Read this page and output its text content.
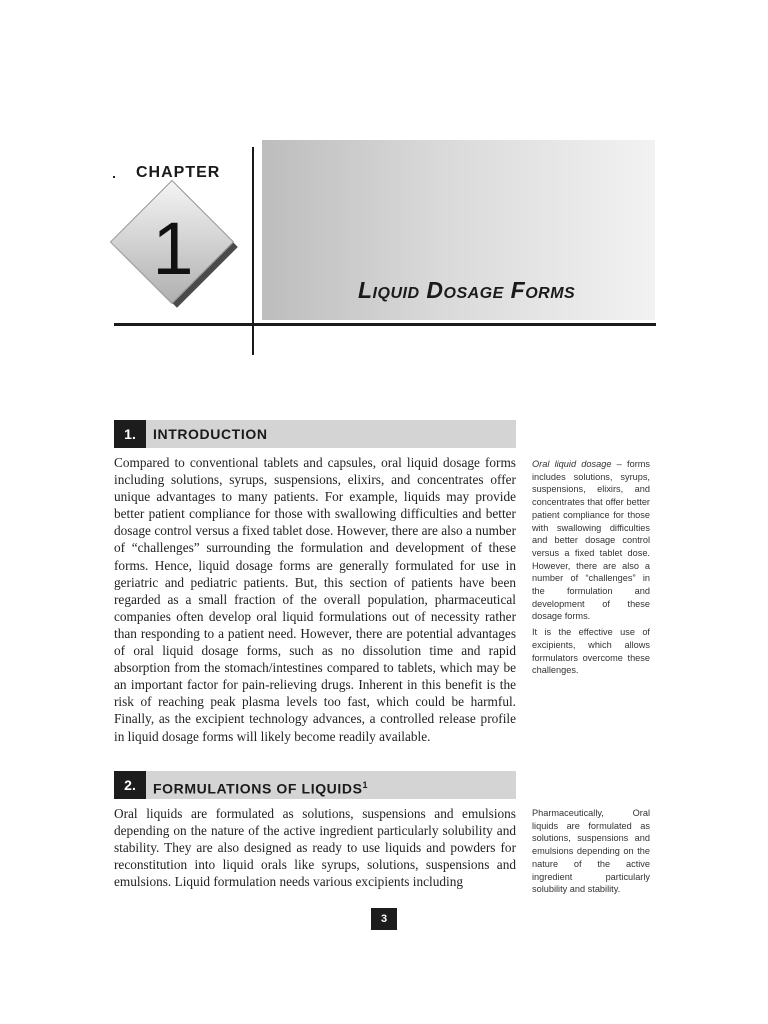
CHAPTER
1	Liquid Dosage Forms
1.	INTRODUCTION
Compared to conventional tablets and capsules, oral liquid dosage forms including solutions, syrups, suspensions, elixirs, and concentrates offer unique advantages to many patients. For example, liquids may provide better patient compliance for those with swallowing difficulties and better dosage control versus a fixed tablet dose. However, there are also a number of “challenges” surrounding the formulation and development of these forms. Hence, liquid dosage forms are generally formulated for use in geriatric and pediatric patients. But, this section of patients have been regarded as a small fraction of the overall population, pharmaceutical companies often develop oral liquid formulations out of necessity rather than responding to a patient need. However, there are potential advantages of oral liquid dosage forms, such as no dissolution time and rapid absorption from the stomach/intestines compared to tablets, which may be an important factor for pain-relieving drugs. Inherent in this benefit is the risk of reaching peak plasma levels too fast, which could be harmful. Finally, as the excipient technology advances, a controlled release profile in liquid dosage forms will likely become readily available.
2.	FORMULATIONS OF LIQUIDS$^1$
Oral liquids are formulated as solutions, suspensions and emulsions depending on the nature of the active ingredient particularly solubility and stability. They are also designed as ready to use liquids and powders for reconstitution into liquid orals like syrups, solutions, suspensions and emulsions. Liquid formulation needs various excipients including

Oral liquid dosage – forms includes solutions, syrups, suspensions, elixirs, and concentrates that offer better patient compliance for those with swallowing difficulties and better dosage control versus a fixed tablet dose. However, there are also a number of “challenges” in the formulation and development of these dosage forms.

It is the effective use of excipients, which allows formulators overcome these challenges.

Pharmaceutically, Oral liquids are formulated as solutions, suspensions and emulsions depending on the nature of the active ingredient particularly solubility and stability.

3
